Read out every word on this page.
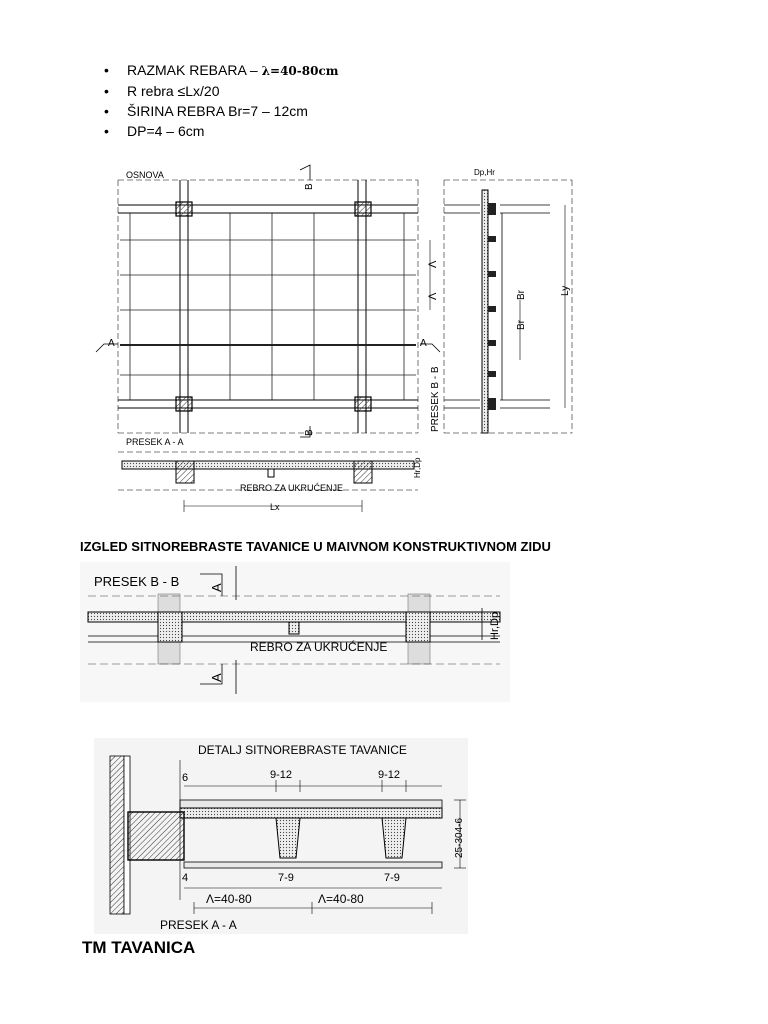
• RAZMAK REBARA – λ=40-80cm
• R rebra ≤Lx/20
• ŠIRINA REBRA Br=7 – 12cm
• DP=4 – 6cm
OSNOVA
A	A
B
B
PRESEK A - A
REBRO ZA UKRUĆENJE
Lx
Hr,Dp
Λ
Λ	Br
Br
Ly
PRESEK B - B
Dp,Hr
IZGLED SITNOREBRASTE TAVANICE U MAIVNOM KONSTRUKTIVNOM ZIDU
PRESEK B - B A
A
REBRO ZA UKRUĆENJE
Hr,Dp
DETALJ SITNOREBRASTE TAVANICE
6	9-12	9-12
4	7-9	7-9
Λ=40-80	Λ=40-80
25-304-6
PRESEK A - A
TM TAVANICA
